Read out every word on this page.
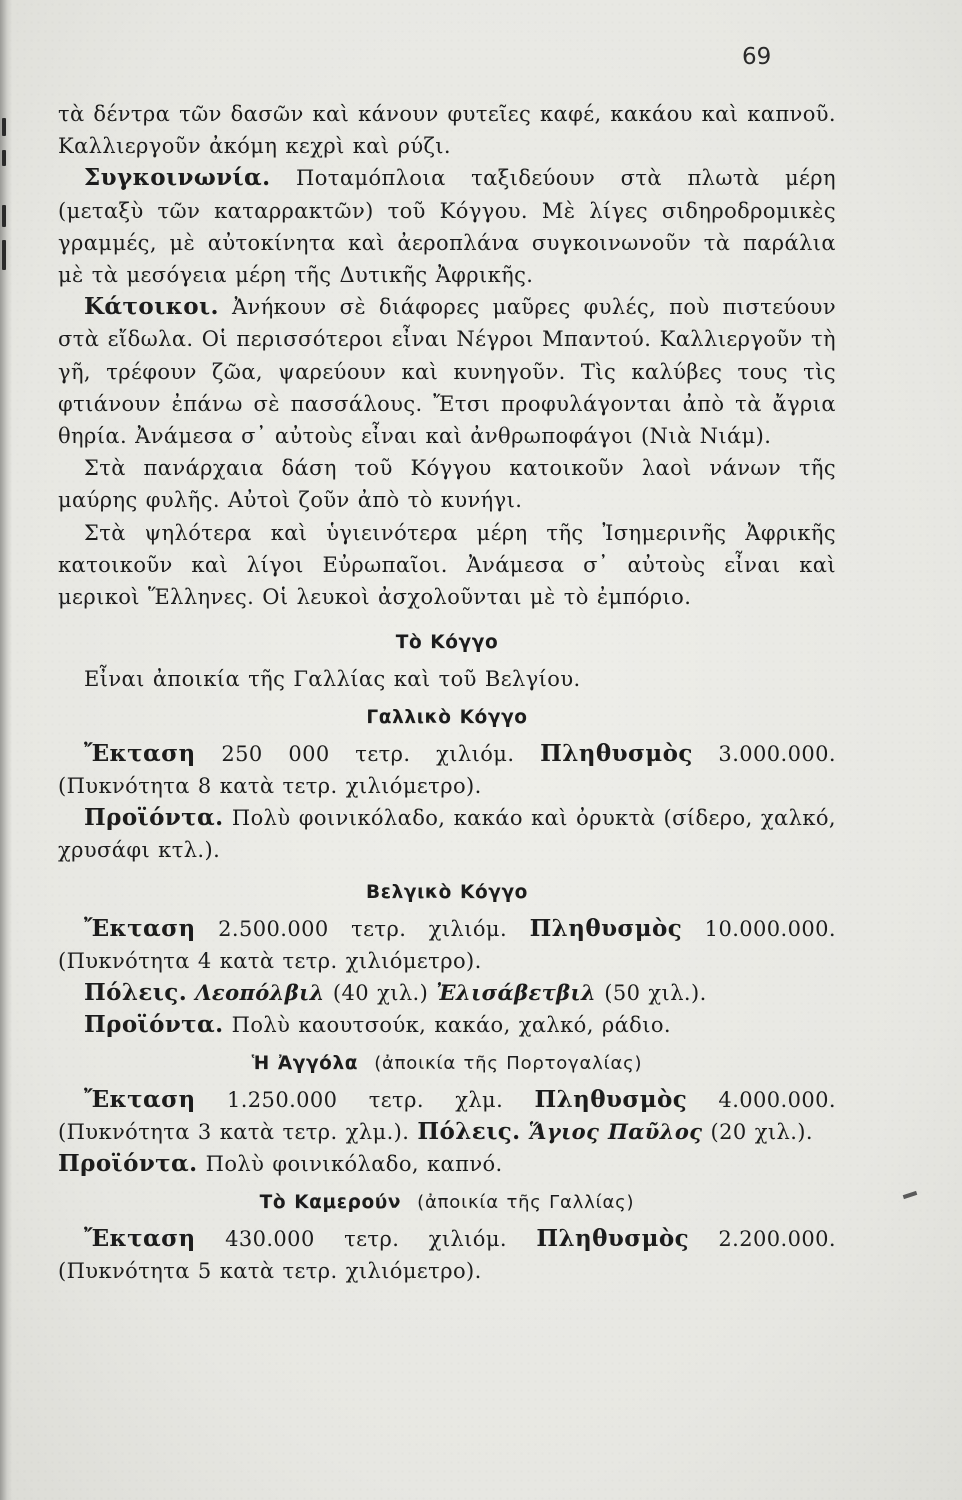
69

τὰ δέντρα τῶν δασῶν καὶ κάνουν φυτεῖες καφέ, κακάου καὶ καπνοῦ. Καλλιεργοῦν ἀκόμη κεχρὶ καὶ ρύζι.

Συγκοινωνία. Ποταμόπλοια ταξιδεύουν στὰ πλωτὰ μέρη (μεταξὺ τῶν καταρρακτῶν) τοῦ Κόγγου. Μὲ λίγες σιδηροδρομικὲς γραμμές, μὲ αὐτοκίνητα καὶ ἀεροπλάνα συγκοινωνοῦν τὰ παράλια μὲ τὰ μεσόγεια μέρη τῆς Δυτικῆς Ἀφρικῆς.

Κάτοικοι. Ἀνήκουν σὲ διάφορες μαῦρες φυλές, ποὺ πιστεύουν στὰ εἴδωλα. Οἱ περισσότεροι εἶναι Νέγροι Μπαντού. Καλλιεργοῦν τὴ γῆ, τρέφουν ζῶα, ψαρεύουν καὶ κυνηγοῦν. Τὶς καλύβες τους τὶς φτιάνουν ἐπάνω σὲ πασσάλους. Ἔτσι προφυλάγονται ἀπὸ τὰ ἄγρια θηρία. Ἀνάμεσα σ᾿ αὐτοὺς εἶναι καὶ ἀνθρωποφάγοι (Νιὰ Νιάμ).

Στὰ πανάρχαια δάση τοῦ Κόγγου κατοικοῦν λαοὶ νάνων τῆς μαύρης φυλῆς. Αὐτοὶ ζοῦν ἀπὸ τὸ κυνήγι.

Στὰ ψηλότερα καὶ ὑγιεινότερα μέρη τῆς Ἰσημερινῆς Ἀφρικῆς κατοικοῦν καὶ λίγοι Εὐρωπαῖοι. Ἀνάμεσα σ᾿ αὐτοὺς εἶναι καὶ μερικοὶ Ἕλληνες. Οἱ λευκοὶ ἀσχολοῦνται μὲ τὸ ἐμπόριο.

Τὸ Κόγγο

Εἶναι ἀποικία τῆς Γαλλίας καὶ τοῦ Βελγίου.

Γαλλικὸ Κόγγο

Ἔκταση 250 000 τετρ. χιλιόμ. Πληθυσμὸς 3.000.000. (Πυκνότητα 8 κατὰ τετρ. χιλιόμετρο).

Προϊόντα. Πολὺ φοινικόλαδο, κακάο καὶ ὀρυκτὰ (σίδερο, χαλκό, χρυσάφι κτλ.).

Βελγικὸ Κόγγο

Ἔκταση 2.500.000 τετρ. χιλιόμ. Πληθυσμὸς 10.000.000. (Πυκνότητα 4 κατὰ τετρ. χιλιόμετρο).

Πόλεις. Λεοπόλβιλ (40 χιλ.) Ἐλισάβετβιλ (50 χιλ.).

Προϊόντα. Πολὺ καουτσούκ, κακάο, χαλκό, ράδιο.

Ἡ Ἀγγόλα (ἀποικία τῆς Πορτογαλίας)

Ἔκταση 1.250.000 τετρ. χλμ. Πληθυσμὸς 4.000.000. (Πυκνότητα 3 κατὰ τετρ. χλμ.). Πόλεις. Ἅγιος Παῦλος (20 χιλ.).

Προϊόντα. Πολὺ φοινικόλαδο, καπνό.

Τὸ Καμερούν (ἀποικία τῆς Γαλλίας)

Ἔκταση 430.000 τετρ. χιλιόμ. Πληθυσμὸς 2.200.000. (Πυκνότητα 5 κατὰ τετρ. χιλιόμετρο).
